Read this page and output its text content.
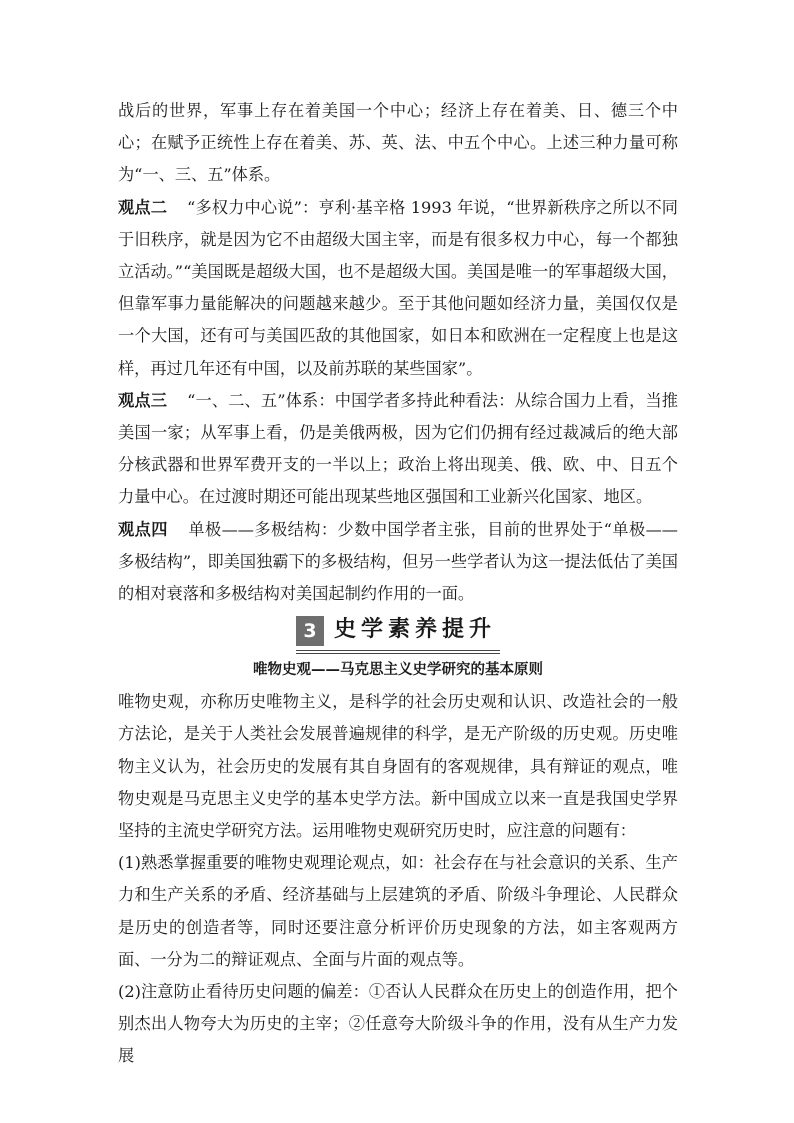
战后的世界，军事上存在着美国一个中心；经济上存在着美、日、德三个中心；在赋予正统性上存在着美、苏、英、法、中五个中心。上述三种力量可称为“一、三、五”体系。

观点二 “多权力中心说”：亨利·基辛格 1993 年说，“世界新秩序之所以不同于旧秩序，就是因为它不由超级大国主宰，而是有很多权力中心，每一个都独立活动。”“美国既是超级大国，也不是超级大国。美国是唯一的军事超级大国，但靠军事力量能解决的问题越来越少。至于其他问题如经济力量，美国仅仅是一个大国，还有可与美国匹敌的其他国家，如日本和欧洲在一定程度上也是这样，再过几年还有中国，以及前苏联的某些国家”。

观点三 “一、二、五”体系：中国学者多持此种看法：从综合国力上看，当推美国一家；从军事上看，仍是美俄两极，因为它们仍拥有经过裁减后的绝大部分核武器和世界军费开支的一半以上；政治上将出现美、俄、欧、中、日五个力量中心。在过渡时期还可能出现某些地区强国和工业新兴化国家、地区。

观点四 单极——多极结构：少数中国学者主张，目前的世界处于“单极——多极结构”，即美国独霸下的多极结构，但另一些学者认为这一提法低估了美国的相对衰落和多极结构对美国起制约作用的一面。

3 史学素养提升
唯物史观——马克思主义史学研究的基本原则

唯物史观，亦称历史唯物主义，是科学的社会历史观和认识、改造社会的一般方法论，是关于人类社会发展普遍规律的科学，是无产阶级的历史观。历史唯物主义认为，社会历史的发展有其自身固有的客观规律，具有辩证的观点，唯物史观是马克思主义史学的基本史学方法。新中国成立以来一直是我国史学界坚持的主流史学研究方法。运用唯物史观研究历史时，应注意的问题有：

(1)熟悉掌握重要的唯物史观理论观点，如：社会存在与社会意识的关系、生产力和生产关系的矛盾、经济基础与上层建筑的矛盾、阶级斗争理论、人民群众是历史的创造者等，同时还要注意分析评价历史现象的方法，如主客观两方面、一分为二的辩证观点、全面与片面的观点等。

(2)注意防止看待历史问题的偏差：①否认人民群众在历史上的创造作用，把个别杰出人物夸大为历史的主宰；②任意夸大阶级斗争的作用，没有从生产力发展
